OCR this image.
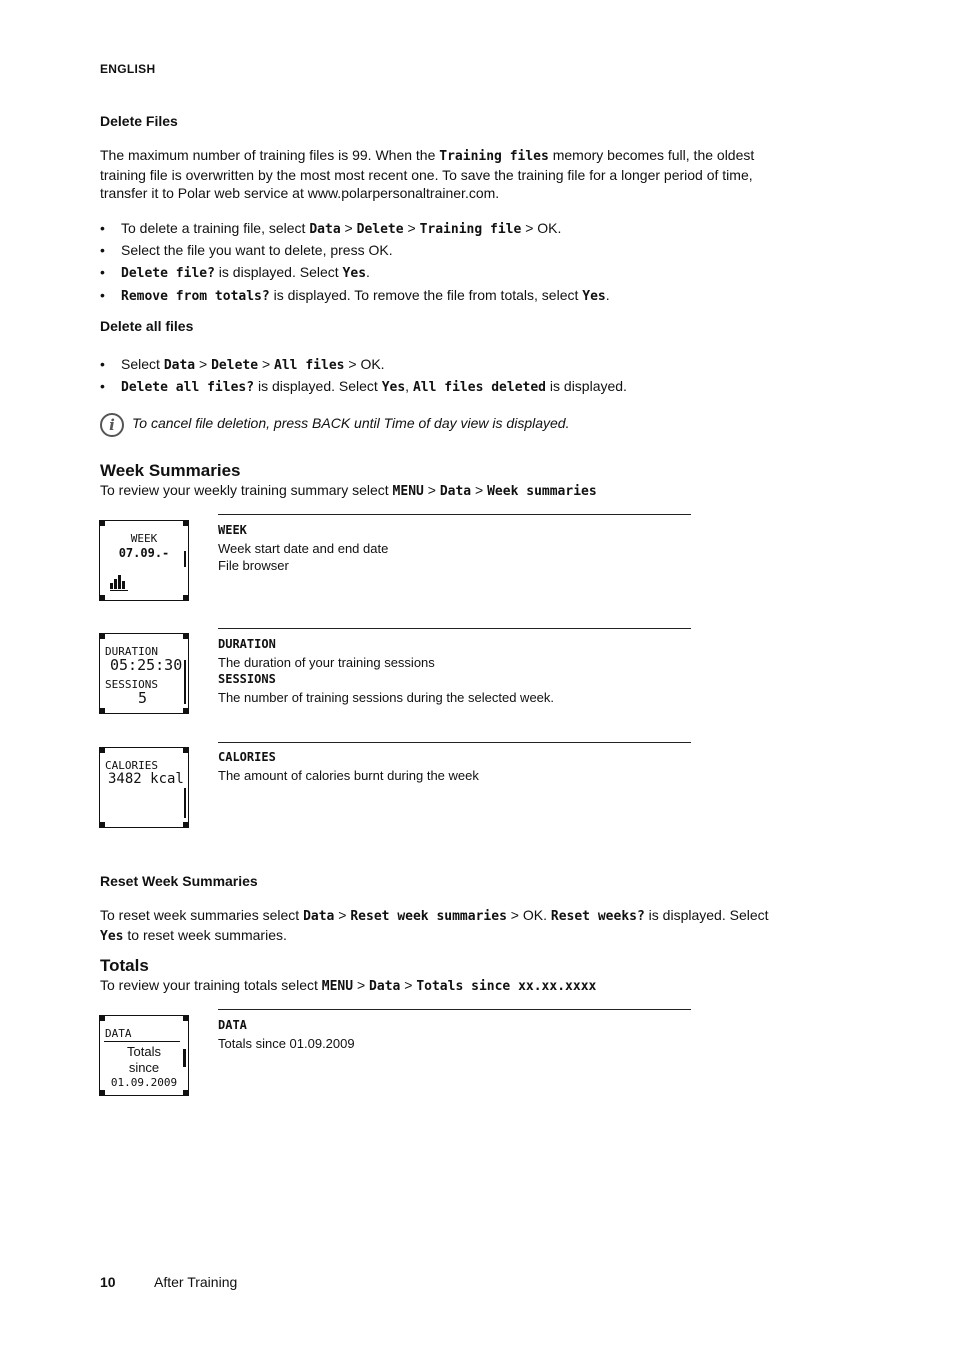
ENGLISH
Delete Files
The maximum number of training files is 99. When the Training files memory becomes full, the oldest training file is overwritten by the most most recent one. To save the training file for a longer period of time, transfer it to Polar web service at www.polarpersonaltrainer.com.
• To delete a training file, select Data > Delete > Training file > OK.
• Select the file you want to delete, press OK.
• Delete file? is displayed. Select Yes.
• Remove from totals? is displayed. To remove the file from totals, select Yes.
Delete all files
• Select Data > Delete > All files > OK.
• Delete all files? is displayed. Select Yes, All files deleted is displayed.
i	To cancel file deletion, press BACK until Time of day view is displayed.
Week Summaries
To review your weekly training summary select MENU > Data > Week summaries
WEEK
07.09.-
WEEK
Week start date and end date
File browser
DURATION
05:25:30
SESSIONS
5
DURATION
The duration of your training sessions
SESSIONS
The number of training sessions during the selected week.
CALORIES
3482 kcal
CALORIES
The amount of calories burnt during the week
Reset Week Summaries
To reset week summaries select Data > Reset week summaries > OK. Reset weeks? is displayed. Select Yes to reset week summaries.
Totals
To review your training totals select MENU > Data > Totals since xx.xx.xxxx
DATA
Totals
since
01.09.2009
DATA
Totals since 01.09.2009
10	After Training
